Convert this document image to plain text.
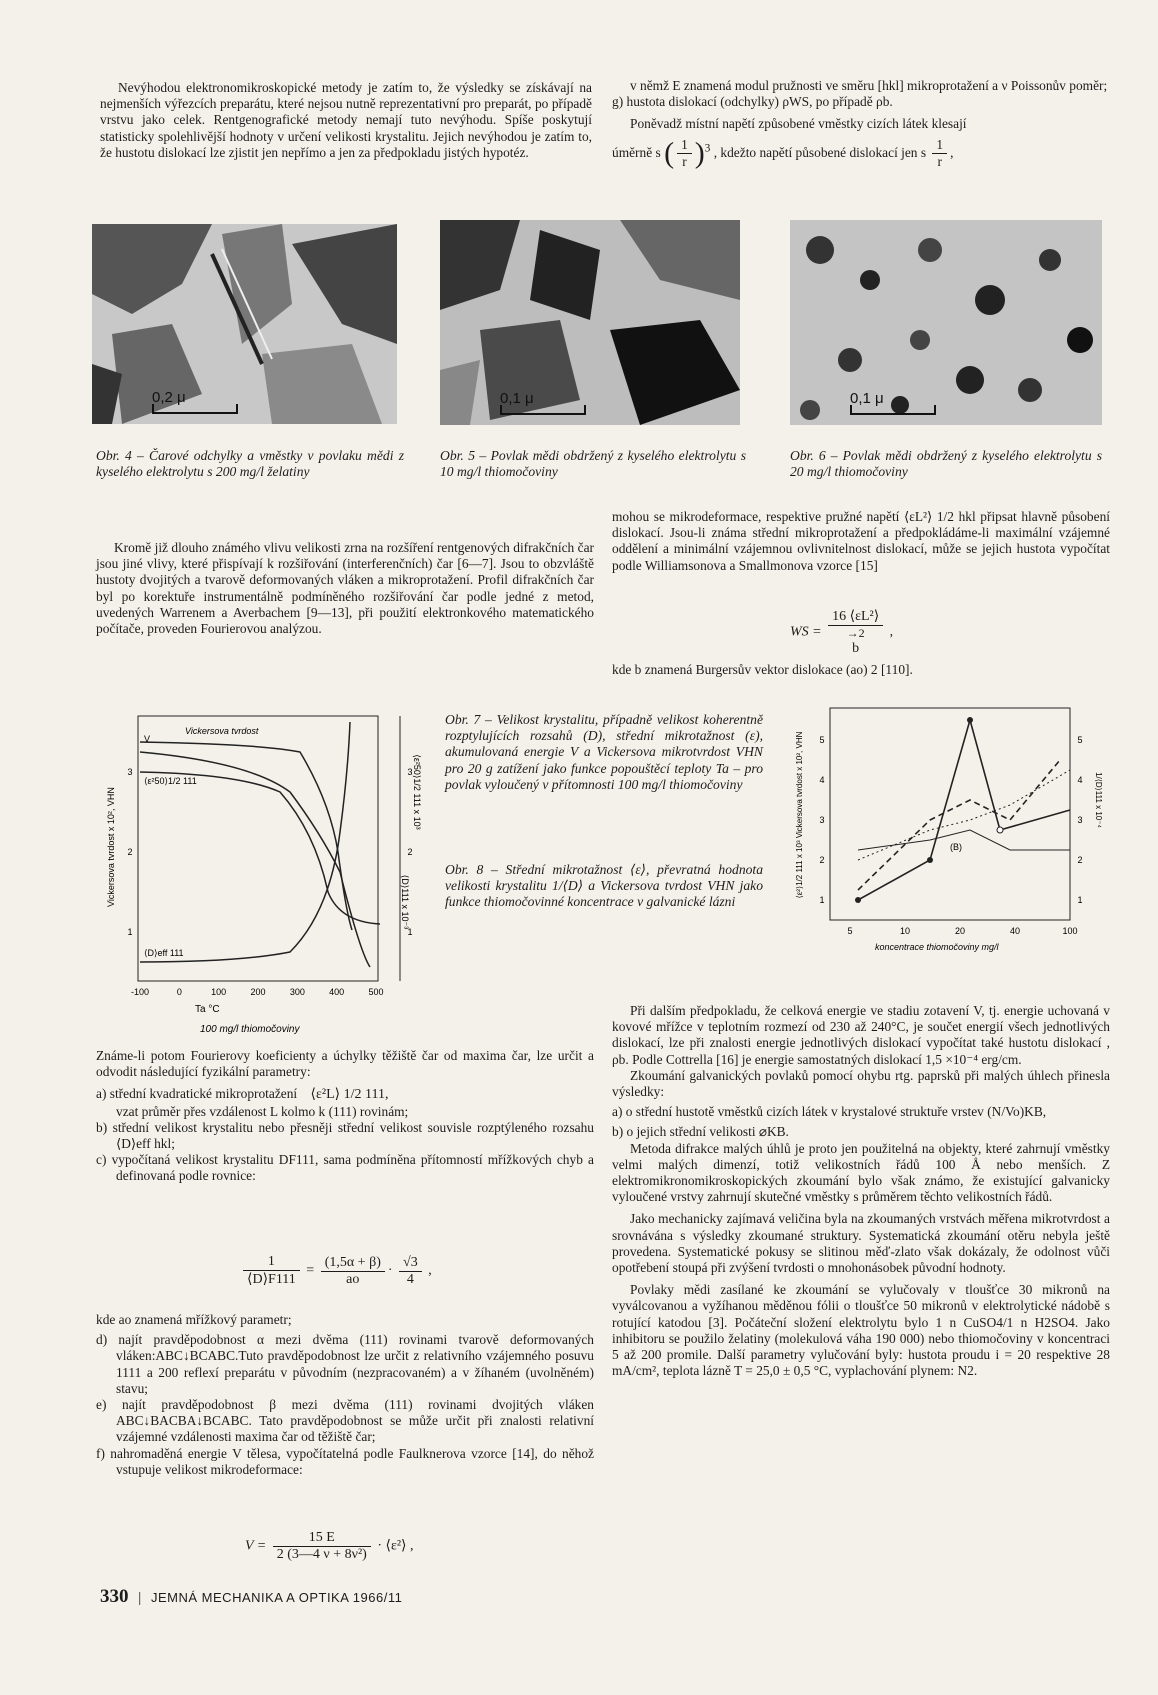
Nevýhodou elektronomikroskopické metody je zatím to, že výsledky se získávají na nejmenších výřezcích preparátu, které nejsou nutně reprezentativní pro preparát, po případě vrstvu jako celek. Rentgenografické metody nemají tuto nevýhodu. Spíše poskytují statisticky spolehlivější hodnoty v určení velikosti krystalitu. Jejich nevýhodou je zatím to, že hustotu dislokací lze zjistit jen nepřímo a jen za předpokladu jistých hypotéz.

v němž E znamená modul pružnosti ve směru [hkl] mikroprotažení a ν Poissonův poměr;

g) hustota dislokací (odchylky) ρWS, po případě ρb.

Poněvadž místní napětí způsobené vměstky cizích látek klesají

úměrně s ( $\frac{1}{r} )^3$ , kdežto napětí působené dislokací jen s $\frac{1}{r}$ ,

0,2 μ	0,1 μ	0,1 μ
Obr. 4 – Čarové odchylky a vměstky v povlaku mědi z kyselého elektrolytu s 200 mg/l želatiny
Obr. 5 – Povlak mědi obdržený z kyselého elektrolytu s 10 mg/l thiomočoviny
Obr. 6 – Povlak mědi obdržený z kyselého elektrolytu s 20 mg/l thiomočoviny

Kromě již dlouho známého vlivu velikosti zrna na rozšíření rentgenových difrakčních čar jsou jiné vlivy, které přispívají k rozšiřování (interferenčních) čar [6—7]. Jsou to obzvláště hustoty dvojitých a tvarově deformovaných vláken a mikroprotažení. Profil difrakčních čar byl po korektuře instrumentálně podmíněného rozšiřování čar podle jedné z metod, uvedených Warrenem a Averbachem [9—13], při použití elektronkového matematického počítače, proveden Fourierovou analýzou.

mohou se mikrodeformace, respektive pružné napětí ⟨εL²⟩ 1/2 hkl připsat hlavně působení dislokací. Jsou-li známa střední mikroprotažení a předpokládáme-li maximální vzájemné oddělení a minimální vzájemnou ovlivnitelnost dislokací, může se jejich hustota vypočítat podle Williamsonova a Smallmonova vzorce [15]

WS =
16 ⟨εL²⟩
→2
b
,

kde b znamená Burgersův vektor dislokace (ao) 2 [110].

Vickersova tvrdost x 10², VHN	⟨ε²50⟩1/2 111 x 10³
⟨D⟩111 x 10⁻³
-100	0	100	200	300	400	500
1
2
3
1
2
3
Vickersova tvrdost
V
⟨ε²50⟩1/2 111
⟨D⟩eff 111
Ta °C
100 mg/l thiomočoviny
Obr. 7 – Velikost krystalitu, případně velikost koherentně rozptylujících rozsahů (D), střední mikrotažnost (ε), akumulovaná energie V a Vickersova mikrotvrdost VHN pro 20 g zatížení jako funkce popouštěcí teploty Ta – pro povlak vyloučený v přítomnosti 100 mg/l thiomočoviny
Obr. 8 – Střední mikrotažnost ⟨ε⟩, převratná hodnota velikosti krystalitu 1/⟨D⟩ a Vickersova tvrdost VHN jako funkce thiomočovinné koncentrace v galvanické lázni
⟨ε²⟩1/2 111 x 10³ Vickersova tvrdost x 10², VHN	1/⟨D⟩111 x 10⁻⁴
5	10	20	40	100
1
2
3
4
5
1
2
3
4
5
(B)
koncentrace thiomočoviny mg/l

Známe-li potom Fourierovy koeficienty a úchylky těžiště čar od maxima čar, lze určit a odvodit následující fyzikální parametry:

a) střední kvadratické mikroprotažení ⟨ε²L⟩ 1/2 111,

vzat průměr přes vzdálenost L kolmo k (111) rovinám;

b) střední velikost krystalitu nebo přesněji střední velikost souvisle rozptýleného rozsahu ⟨D⟩eff hkl;

c) vypočítaná velikost krystalitu DF111, sama podmíněna přítomností mřížkových chyb a definovaná podle rovnice:

$\frac{1}{⟨D⟩F111} = \frac{(1,5\alpha + \beta)}{ao} \cdot \frac{√3}{4}$ ,

kde ao znamená mřížkový parametr;

d) najít pravděpodobnost α mezi dvěma (111) rovinami tvarově deformovaných vláken:ABC↓BCABC.Tuto pravděpodobnost lze určit z relativního vzájemného posuvu 1111 a 200 reflexí preparátu v původním (nezpracovaném) a v žíhaném (uvolněném) stavu;

e) najít pravděpodobnost β mezi dvěma (111) rovinami dvojitých vláken ABC↓BACBA↓BCABC. Tato pravděpodobnost se může určit při znalosti relativní vzájemné vzdálenosti maxima čar od těžiště čar;

f) nahromaděná energie V tělesa, vypočítatelná podle Faulknerova vzorce [14], do něhož vstupuje velikost mikrodeformace:

$V = \frac{15 E}{\text{2 (3—4 ν + 8ν²)}}$ · ⟨ε²⟩ ,

Při dalším předpokladu, že celková energie ve stadiu zotavení V, tj. energie uchovaná v kovové mřížce v teplotním rozmezí od 230 až 240°C, je součet energií všech jednotlivých dislokací, lze při znalosti energie jednotlivých dislokací vypočítat také hustotu dislokací , ρb. Podle Cottrella [16] je energie samostatných dislokací 1,5 ×10⁻⁴ erg/cm.

Zkoumání galvanických povlaků pomocí ohybu rtg. paprsků při malých úhlech přinesla výsledky:

a) o střední hustotě vměstků cizích látek v krystalové struktuře vrstev (N/Vo)KB,

b) o jejich střední velikosti ⌀KB.

Metoda difrakce malých úhlů je proto jen použitelná na objekty, které zahrnují vměstky velmi malých dimenzí, totiž velikostních řádů 100 Å nebo menších. Z elektromikronomikroskopických zkoumání bylo však známo, že existující galvanicky vyloučené vrstvy zahrnují skutečné vměstky s průměrem těchto velikostních řádů.

Jako mechanicky zajímavá veličina byla na zkoumaných vrstvách měřena mikrotvrdost a srovnávána s výsledky zkoumané struktury. Systematická zkoumání otěru nebyla ještě provedena. Systematické pokusy se slitinou měď-zlato však dokázaly, že odolnost vůči opotřebení stoupá při zvýšení tvrdosti o mnohonásobek původní hodnoty.

Povlaky mědi zasílané ke zkoumání se vylučovaly v tloušťce 30 mikronů na vyválcovanou a vyžíhanou měděnou fólii o tloušťce 50 mikronů v elektrolytické nádobě s rotující katodou [3]. Počáteční složení elektrolytu bylo 1 n CuSO4/1 n H2SO4. Jako inhibitoru se použilo želatiny (molekulová váha 190 000) nebo thiomočoviny v koncentraci 5 až 200 promile. Další parametry vylučování byly: hustota proudu i = 20 respektive 28 mA/cm², teplota lázně T = 25,0 ± 0,5 °C, vyplachování plynem: N2.

330 | JEMNÁ MECHANIKA A OPTIKA 1966/11
